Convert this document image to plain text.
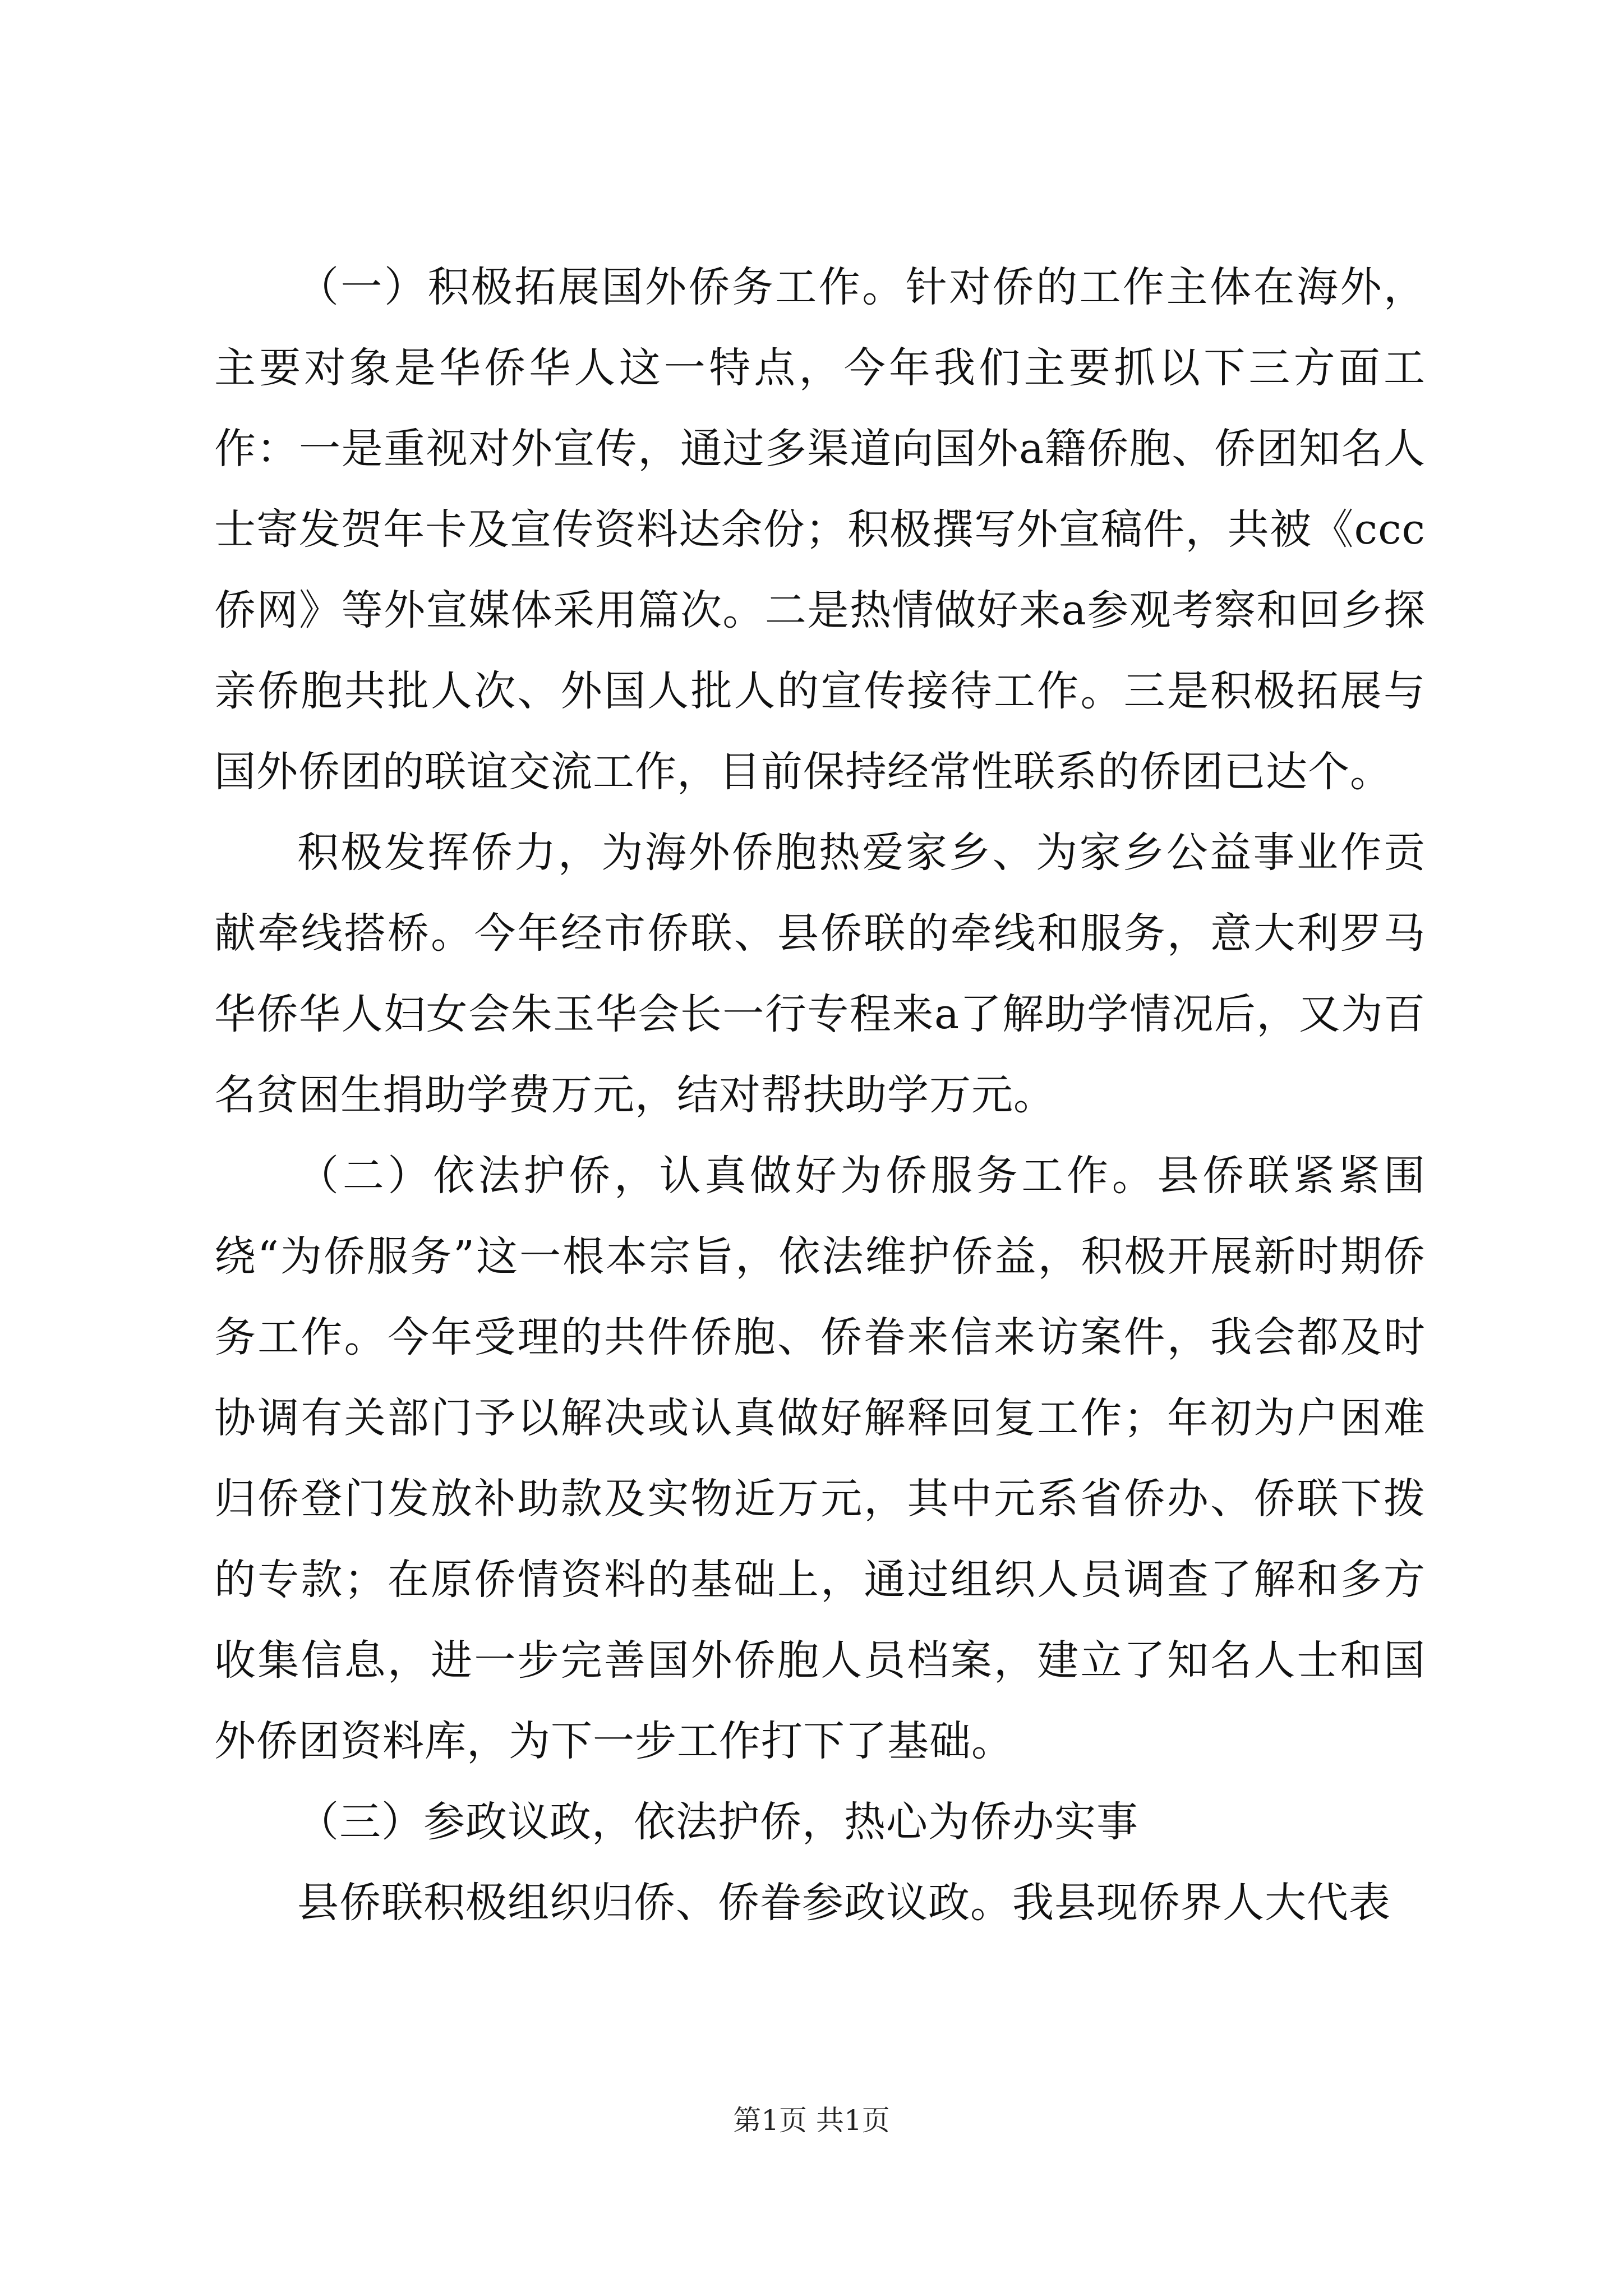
（一）积极拓展国外侨务工作。针对侨的工作主体在海外，主要对象是华侨华人这一特点，今年我们主要抓以下三方面工作：一是重视对外宣传，通过多渠道向国外a籍侨胞、侨团知名人士寄发贺年卡及宣传资料达余份；积极撰写外宣稿件，共被《ccc侨网》等外宣媒体采用篇次。二是热情做好来a参观考察和回乡探亲侨胞共批人次、外国人批人的宣传接待工作。三是积极拓展与国外侨团的联谊交流工作，目前保持经常性联系的侨团已达个。

积极发挥侨力，为海外侨胞热爱家乡、为家乡公益事业作贡献牵线搭桥。今年经市侨联、县侨联的牵线和服务，意大利罗马华侨华人妇女会朱玉华会长一行专程来a了解助学情况后，又为百名贫困生捐助学费万元，结对帮扶助学万元。

（二）依法护侨，认真做好为侨服务工作。县侨联紧紧围绕“为侨服务”这一根本宗旨，依法维护侨益，积极开展新时期侨务工作。今年受理的共件侨胞、侨眷来信来访案件，我会都及时协调有关部门予以解决或认真做好解释回复工作；年初为户困难归侨登门发放补助款及实物近万元，其中元系省侨办、侨联下拨的专款；在原侨情资料的基础上，通过组织人员调查了解和多方收集信息，进一步完善国外侨胞人员档案，建立了知名人士和国外侨团资料库，为下一步工作打下了基础。

（三）参政议政，依法护侨，热心为侨办实事

县侨联积极组织归侨、侨眷参政议政。我县现侨界人大代表

第1页 共1页
